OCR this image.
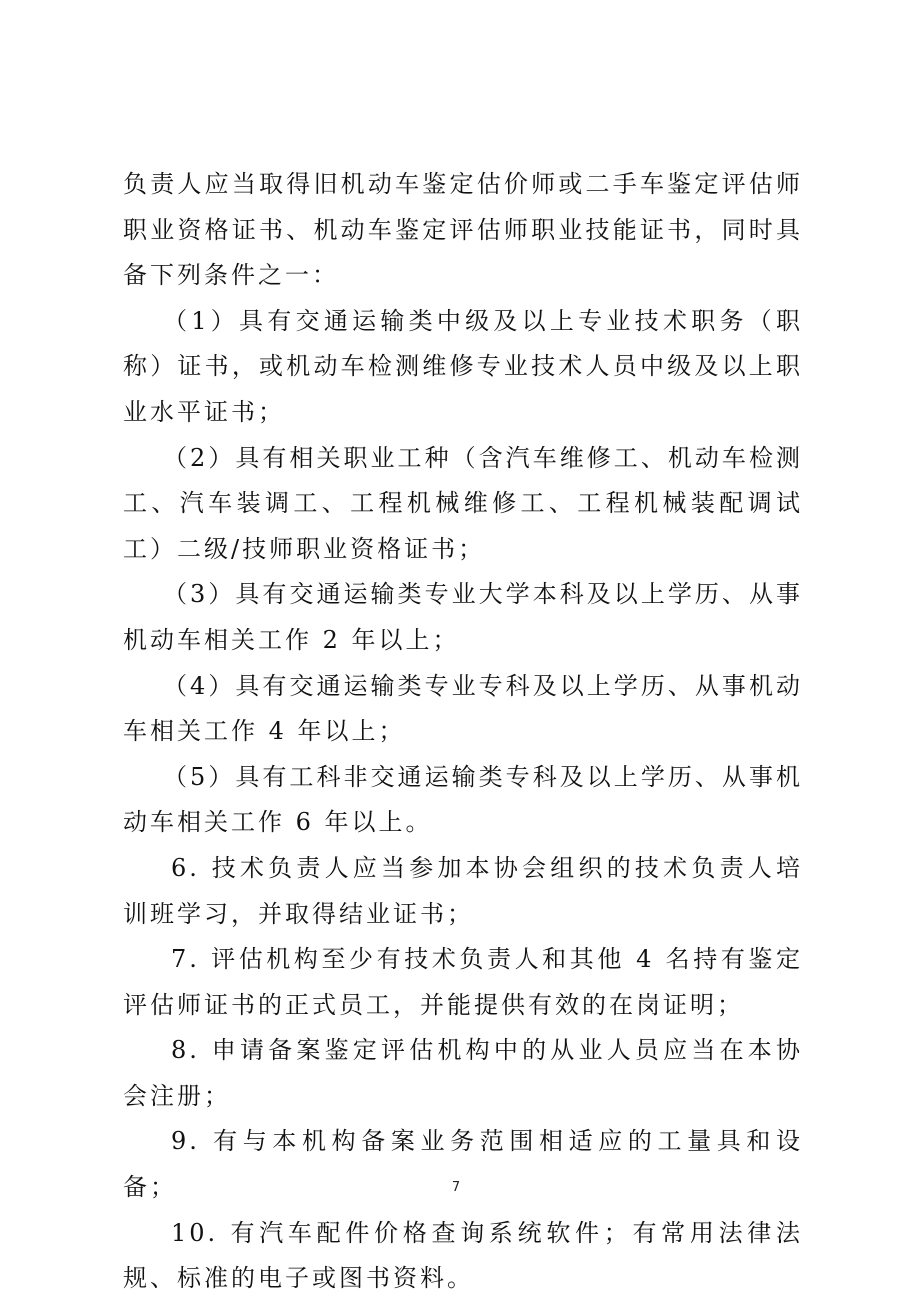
负责人应当取得旧机动车鉴定估价师或二手车鉴定评估师职业资格证书、机动车鉴定评估师职业技能证书，同时具备下列条件之一：

（1）具有交通运输类中级及以上专业技术职务（职称）证书，或机动车检测维修专业技术人员中级及以上职业水平证书；

（2）具有相关职业工种（含汽车维修工、机动车检测工、汽车装调工、工程机械维修工、工程机械装配调试工）二级/技师职业资格证书；

（3）具有交通运输类专业大学本科及以上学历、从事机动车相关工作 2 年以上；

（4）具有交通运输类专业专科及以上学历、从事机动车相关工作 4 年以上；

（5）具有工科非交通运输类专科及以上学历、从事机动车相关工作 6 年以上。

6. 技术负责人应当参加本协会组织的技术负责人培训班学习，并取得结业证书；

7. 评估机构至少有技术负责人和其他 4 名持有鉴定评估师证书的正式员工，并能提供有效的在岗证明；

8. 申请备案鉴定评估机构中的从业人员应当在本协会注册；

9. 有与本机构备案业务范围相适应的工量具和设备；

10. 有汽车配件价格查询系统软件；有常用法律法规、标准的电子或图书资料。

7
